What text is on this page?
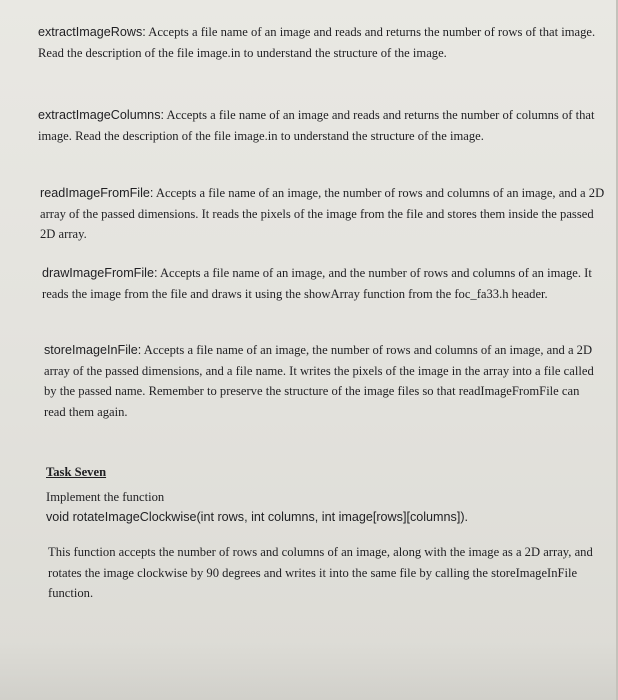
extractImageRows: Accepts a file name of an image and reads and returns the number of rows of that image. Read the description of the file image.in to understand the structure of the image.

extractImageColumns: Accepts a file name of an image and reads and returns the number of columns of that image. Read the description of the file image.in to understand the structure of the image.

readImageFromFile: Accepts a file name of an image, the number of rows and columns of an image, and a 2D array of the passed dimensions. It reads the pixels of the image from the file and stores them inside the passed 2D array.

drawImageFromFile: Accepts a file name of an image, and the number of rows and columns of an image. It reads the image from the file and draws it using the showArray function from the foc_fa33.h header.

storeImageInFile: Accepts a file name of an image, the number of rows and columns of an image, and a 2D array of the passed dimensions, and a file name. It writes the pixels of the image in the array into a file called by the passed name. Remember to preserve the structure of the image files so that readImageFromFile can read them again.

Task Seven
Implement the function
void rotateImageClockwise(int rows, int columns, int image[rows][columns]).

This function accepts the number of rows and columns of an image, along with the image as a 2D array, and rotates the image clockwise by 90 degrees and writes it into the same file by calling the storeImageInFile function.
